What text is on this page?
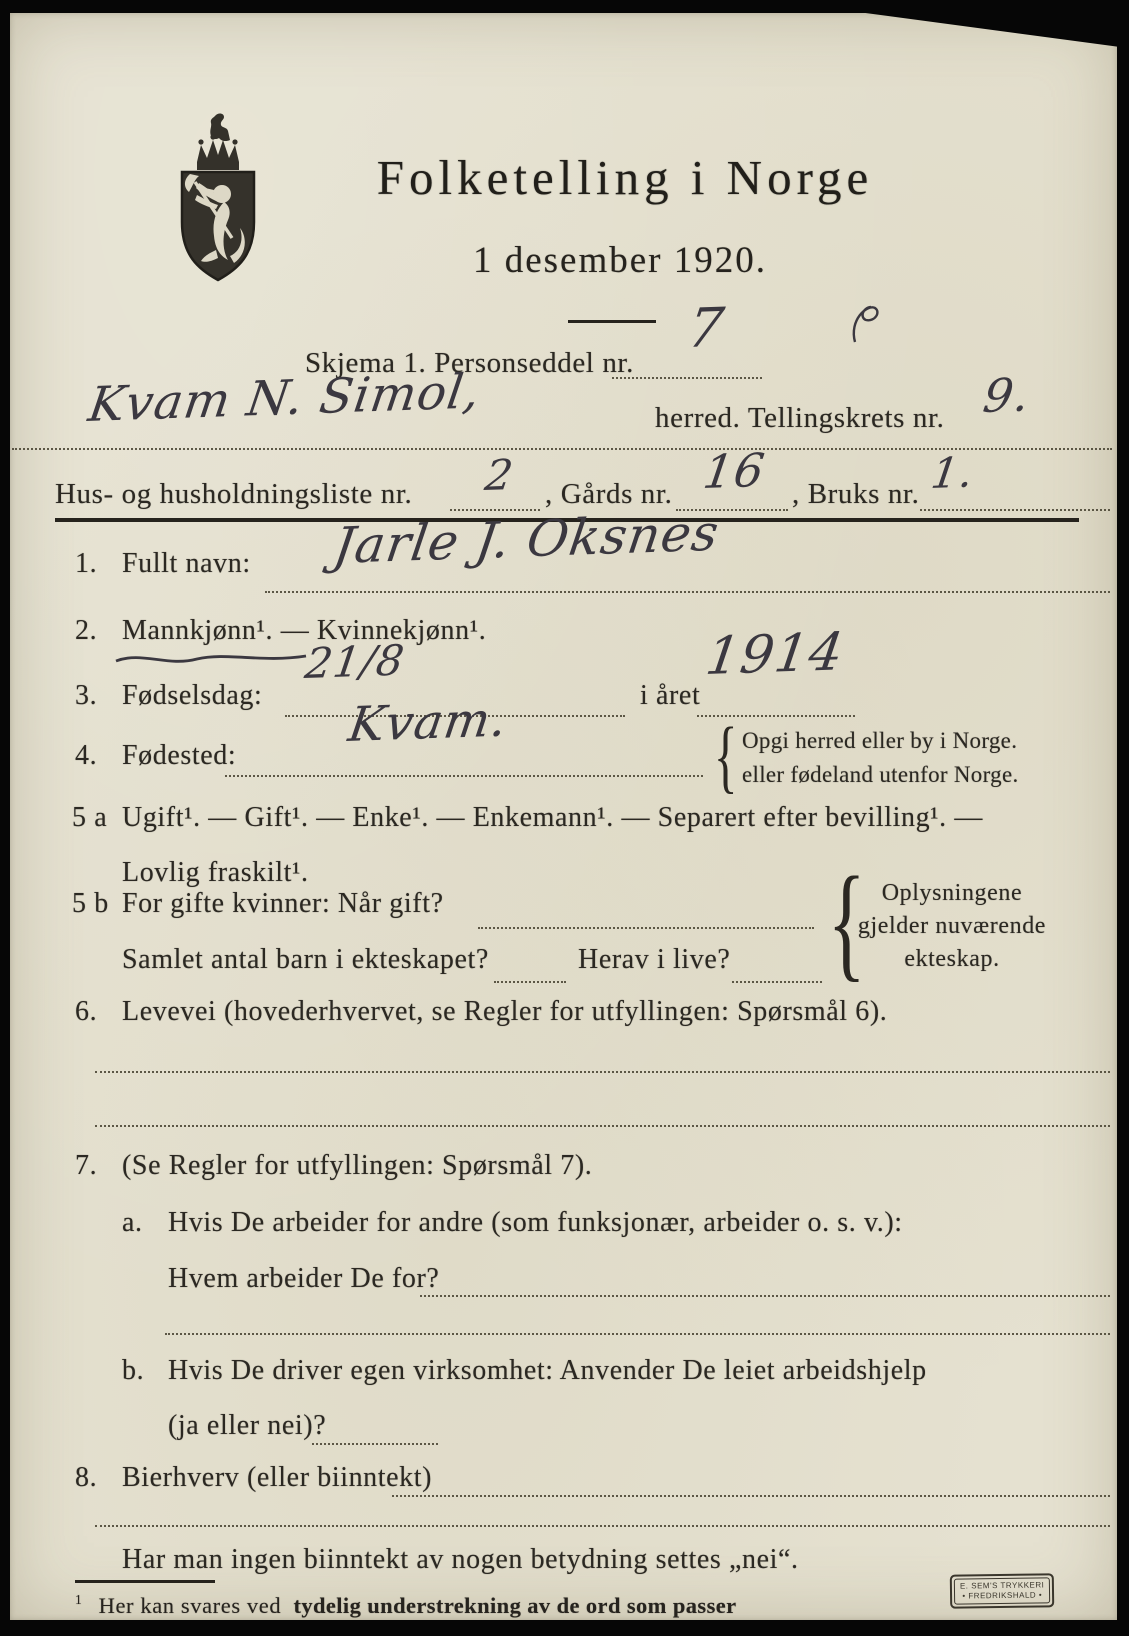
Folketelling i Norge
1 desember 1920.
Skjema 1. Personseddel nr.
7
Kvam N. Simol,	herred. Tellingskrets nr. 9.
Hus- og husholdningsliste nr. 2 , Gårds nr. 16 , Bruks nr. 1.
1. Fullt navn: Jarle J. Oksnes
2. Mannkjønn¹. — Kvinnekjønn¹.
3. Fødselsdag:
21/8
i året
1914
4. Fødested:
Kvam. { Opgi herred eller by i Norge.
eller fødeland utenfor Norge.
5 a Ugift¹. — Gift¹. — Enke¹. — Enkemann¹. — Separert efter bevilling¹. —
Lovlig fraskilt¹.
5 b For gifte kvinner: Når gift?	{ Oplysningene
gjelder nuværende
ekteskap.
Samlet antal barn i ekteskapet?	Herav i live?
6. Levevei (hovederhvervet, se Regler for utfyllingen: Spørsmål 6).
7. (Se Regler for utfyllingen: Spørsmål 7).
a. Hvis De arbeider for andre (som funksjonær, arbeider o. s. v.):
Hvem arbeider De for?
b. Hvis De driver egen virksomhet: Anvender De leiet arbeidshjelp
(ja eller nei)?
8. Bierhverv (eller biinntekt)
Har man ingen biinntekt av nogen betydning settes „nei“.
$^1$ Her kan svares ved tydelig understrekning av de ord som passer
E. SEM'S TRYKKERI
• FREDRIKSHALD •
